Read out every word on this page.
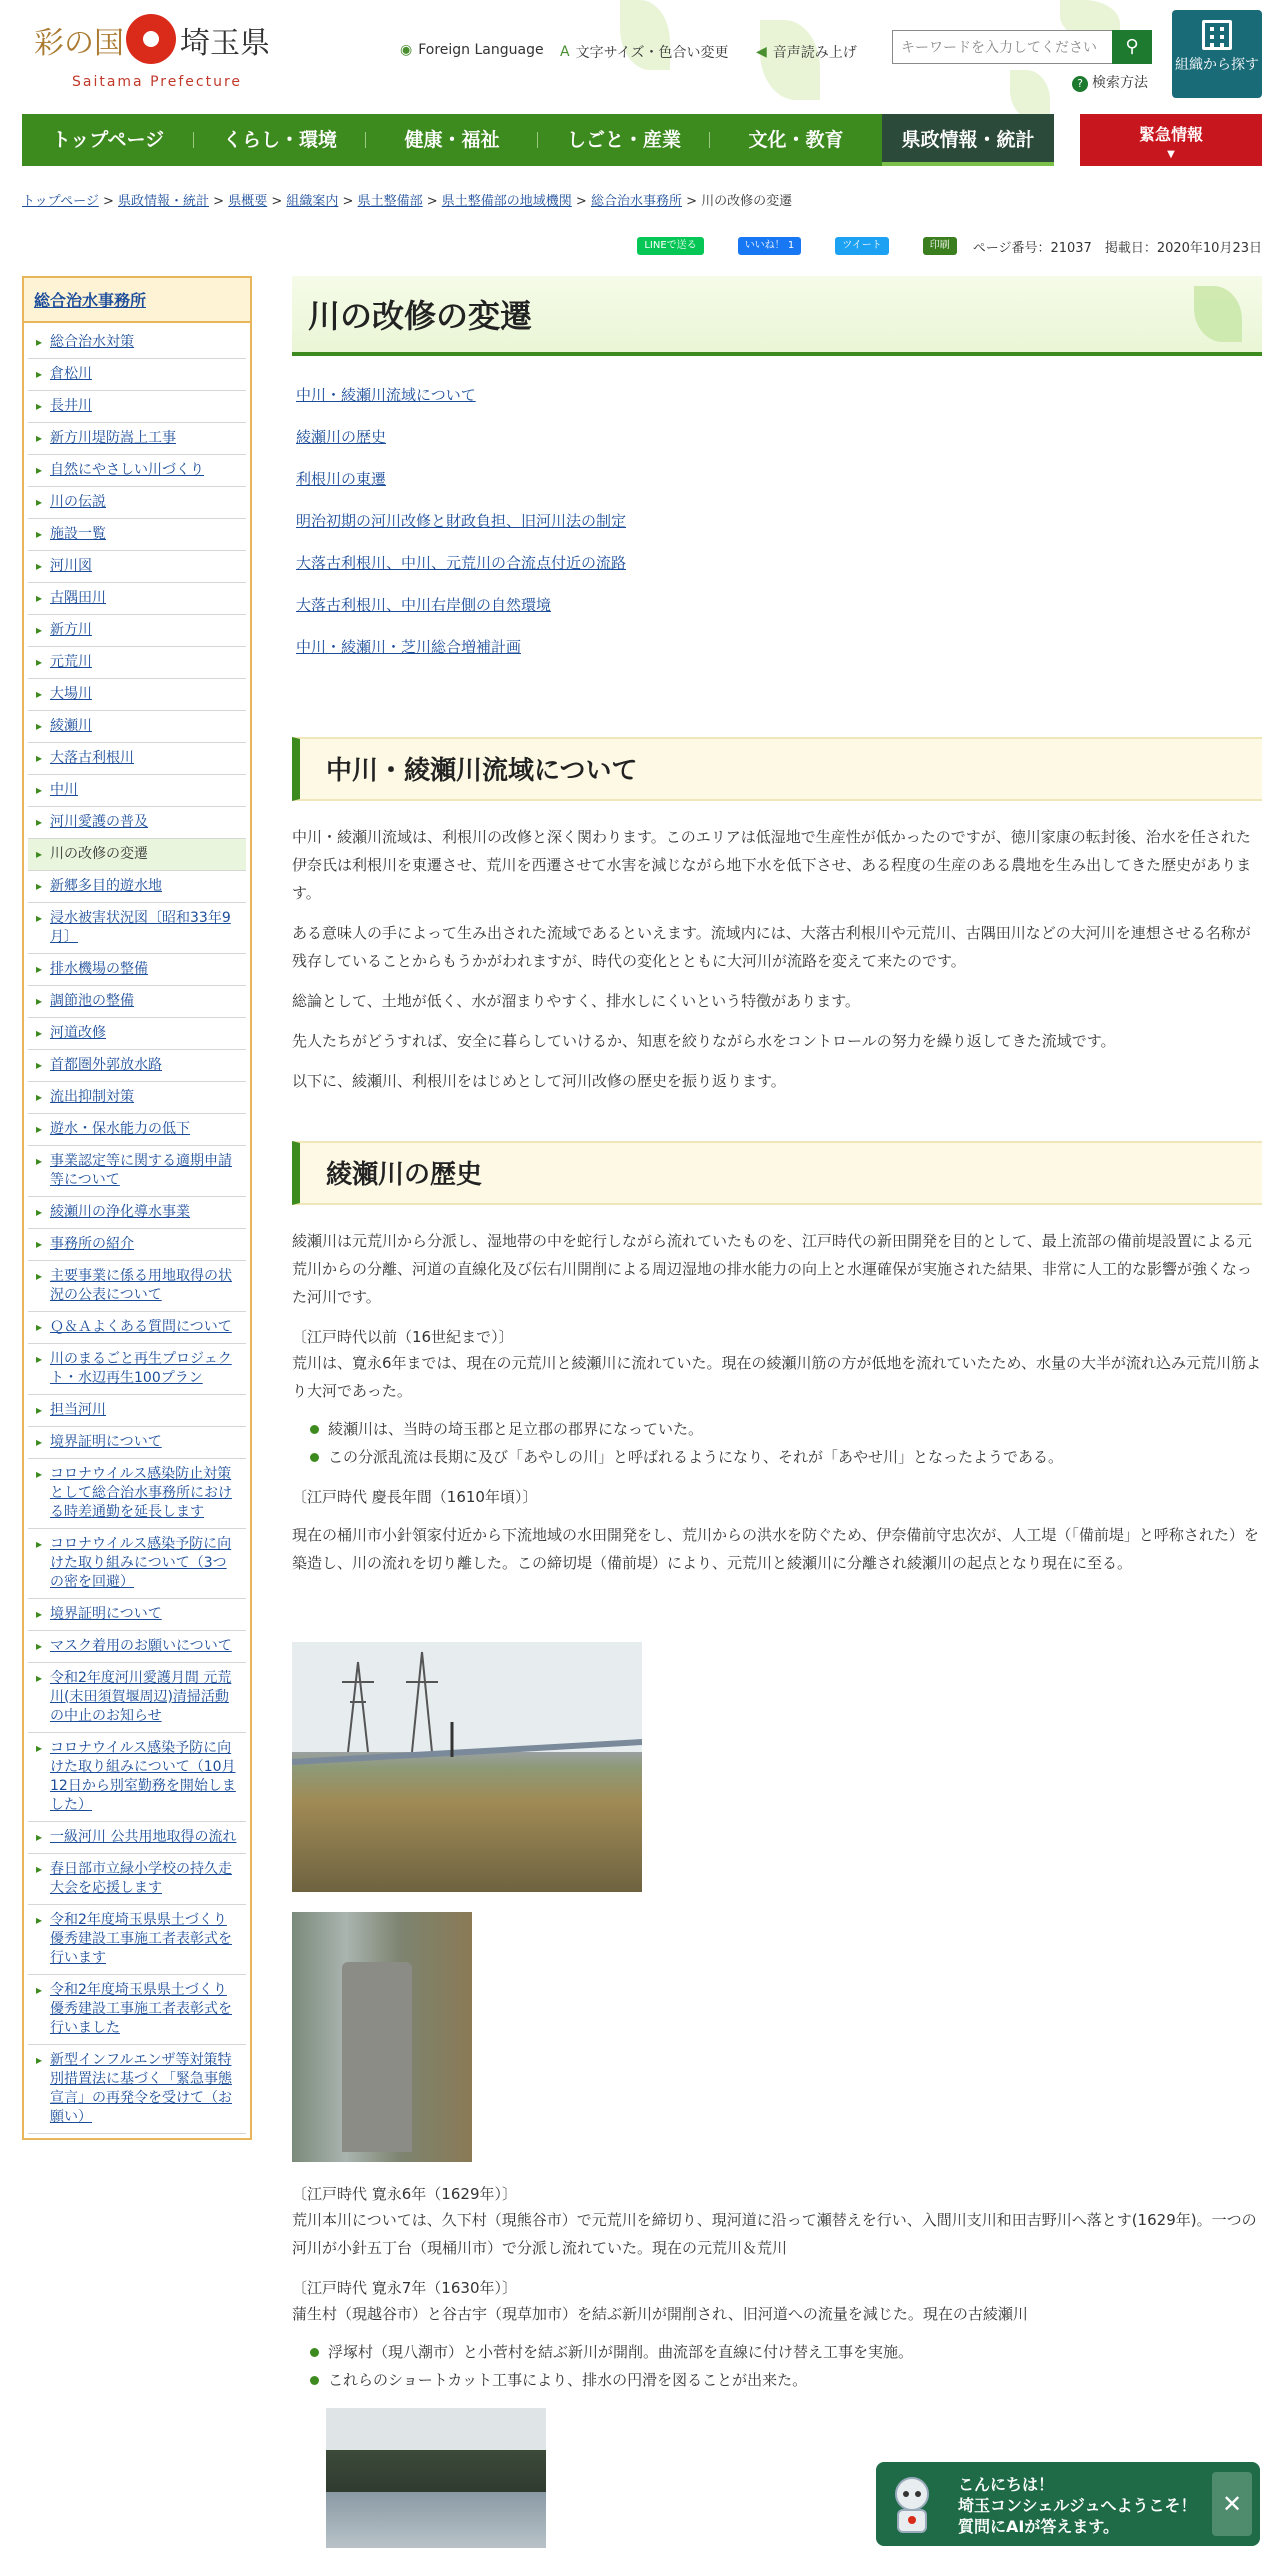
彩の国 埼玉県
Saitama Prefecture
◉ Foreign Language A 文字サイズ・色合い変更 ◀ 音声読み上げ
キーワードを入力してください	⚲
? 検索方法
組織から探す
トップページ	くらし・環境	健康・福祉	しごと・産業	文化・教育	県政情報・統計	緊急情報
▼
トップページ > 県政情報・統計 > 県概要 > 組織案内 > 県土整備部 > 県土整備部の地域機関 > 総合治水事務所 > 川の改修の変遷
LINEで送る	いいね！ 1	ツイート	印刷	ページ番号：21037　掲載日：2020年10月23日
総合治水事務所
▸ 総合治水対策
▸ 倉松川
▸ 長井川
▸ 新方川堤防嵩上工事
▸ 自然にやさしい川づくり
▸ 川の伝説
▸ 施設一覧
▸ 河川図
▸ 古隅田川
▸ 新方川
▸ 元荒川
▸ 大場川
▸ 綾瀬川
▸ 大落古利根川
▸ 中川
▸ 河川愛護の普及
▸ 川の改修の変遷
▸ 新郷多目的遊水地
▸ 浸水被害状況図〔昭和33年9月〕
▸ 排水機場の整備
▸ 調節池の整備
▸ 河道改修
▸ 首都圏外郭放水路
▸ 流出抑制対策
▸ 遊水・保水能力の低下
▸ 事業認定等に関する適期申請等について
▸ 綾瀬川の浄化導水事業
▸ 事務所の紹介
▸ 主要事業に係る用地取得の状況の公表について
▸ Ｑ＆Ａよくある質問について
▸ 川のまるごと再生プロジェクト・水辺再生100プラン
▸ 担当河川
▸ 境界証明について
▸ コロナウイルス感染防止対策として総合治水事務所における時差通勤を延長します
▸ コロナウイルス感染予防に向けた取り組みについて（3つの密を回避）
▸ 境界証明について
▸ マスク着用のお願いについて
▸ 令和2年度河川愛護月間 元荒川(末田須賀堰周辺)清掃活動の中止のお知らせ
▸ コロナウイルス感染予防に向けた取り組みについて（10月12日から別室勤務を開始しました）
▸ 一級河川 公共用地取得の流れ
▸ 春日部市立緑小学校の持久走大会を応援します
▸ 令和2年度埼玉県県土づくり優秀建設工事施工者表彰式を行います
▸ 令和2年度埼玉県県土づくり優秀建設工事施工者表彰式を行いました
▸ 新型インフルエンザ等対策特別措置法に基づく「緊急事態宣言」の再発令を受けて（お願い）
川の改修の変遷
中川・綾瀬川流域について
綾瀬川の歴史
利根川の東遷
明治初期の河川改修と財政負担、旧河川法の制定
大落古利根川、中川、元荒川の合流点付近の流路
大落古利根川、中川右岸側の自然環境
中川・綾瀬川・芝川総合増補計画
中川・綾瀬川流域について

中川・綾瀬川流域は、利根川の改修と深く関わります。このエリアは低湿地で生産性が低かったのですが、徳川家康の転封後、治水を任された伊奈氏は利根川を東遷させ、荒川を西遷させて水害を減じながら地下水を低下させ、ある程度の生産のある農地を生み出してきた歴史があります。

ある意味人の手によって生み出された流域であるといえます。流域内には、大落古利根川や元荒川、古隅田川などの大河川を連想させる名称が残存していることからもうかがわれますが、時代の変化とともに大河川が流路を変えて来たのです。

総論として、土地が低く、水が溜まりやすく、排水しにくいという特徴があります。

先人たちがどうすれば、安全に暮らしていけるか、知恵を絞りながら水をコントロールの努力を繰り返してきた流域です。

以下に、綾瀬川、利根川をはじめとして河川改修の歴史を振り返ります。

綾瀬川の歴史

綾瀬川は元荒川から分派し、湿地帯の中を蛇行しながら流れていたものを、江戸時代の新田開発を目的として、最上流部の備前堤設置による元荒川からの分離、河道の直線化及び伝右川開削による周辺湿地の排水能力の向上と水運確保が実施された結果、非常に人工的な影響が強くなった河川です。

〔江戸時代以前（16世紀まで）〕

荒川は、寛永6年までは、現在の元荒川と綾瀬川に流れていた。現在の綾瀬川筋の方が低地を流れていたため、水量の大半が流れ込み元荒川筋より大河であった。

綾瀬川は、当時の埼玉郡と足立郡の郡界になっていた。
この分派乱流は長期に及び「あやしの川」と呼ばれるようになり、それが「あやせ川」となったようである。

〔江戸時代 慶長年間（1610年頃）〕

現在の桶川市小針領家付近から下流地域の水田開発をし、荒川からの洪水を防ぐため、伊奈備前守忠次が、人工堤（「備前堤」と呼称された）を築造し、川の流れを切り離した。この締切堤（備前堤）により、元荒川と綾瀬川に分離され綾瀬川の起点となり現在に至る。

〔江戸時代 寛永6年（1629年）〕

荒川本川については、久下村（現熊谷市）で元荒川を締切り、現河道に沿って瀬替えを行い、入間川支川和田吉野川へ落とす(1629年)。一つの河川が小針五丁台（現桶川市）で分派し流れていた。現在の元荒川＆荒川

〔江戸時代 寛永7年（1630年）〕

蒲生村（現越谷市）と谷古宇（現草加市）を結ぶ新川が開削され、旧河道への流量を減じた。現在の古綾瀬川

浮塚村（現八潮市）と小菅村を結ぶ新川が開削。曲流部を直線に付け替え工事を実施。
これらのショートカット工事により、排水の円滑を図ることが出来た。
こんにちは！
埼玉コンシェルジュへようこそ！
質問にAIが答えます。
✕
